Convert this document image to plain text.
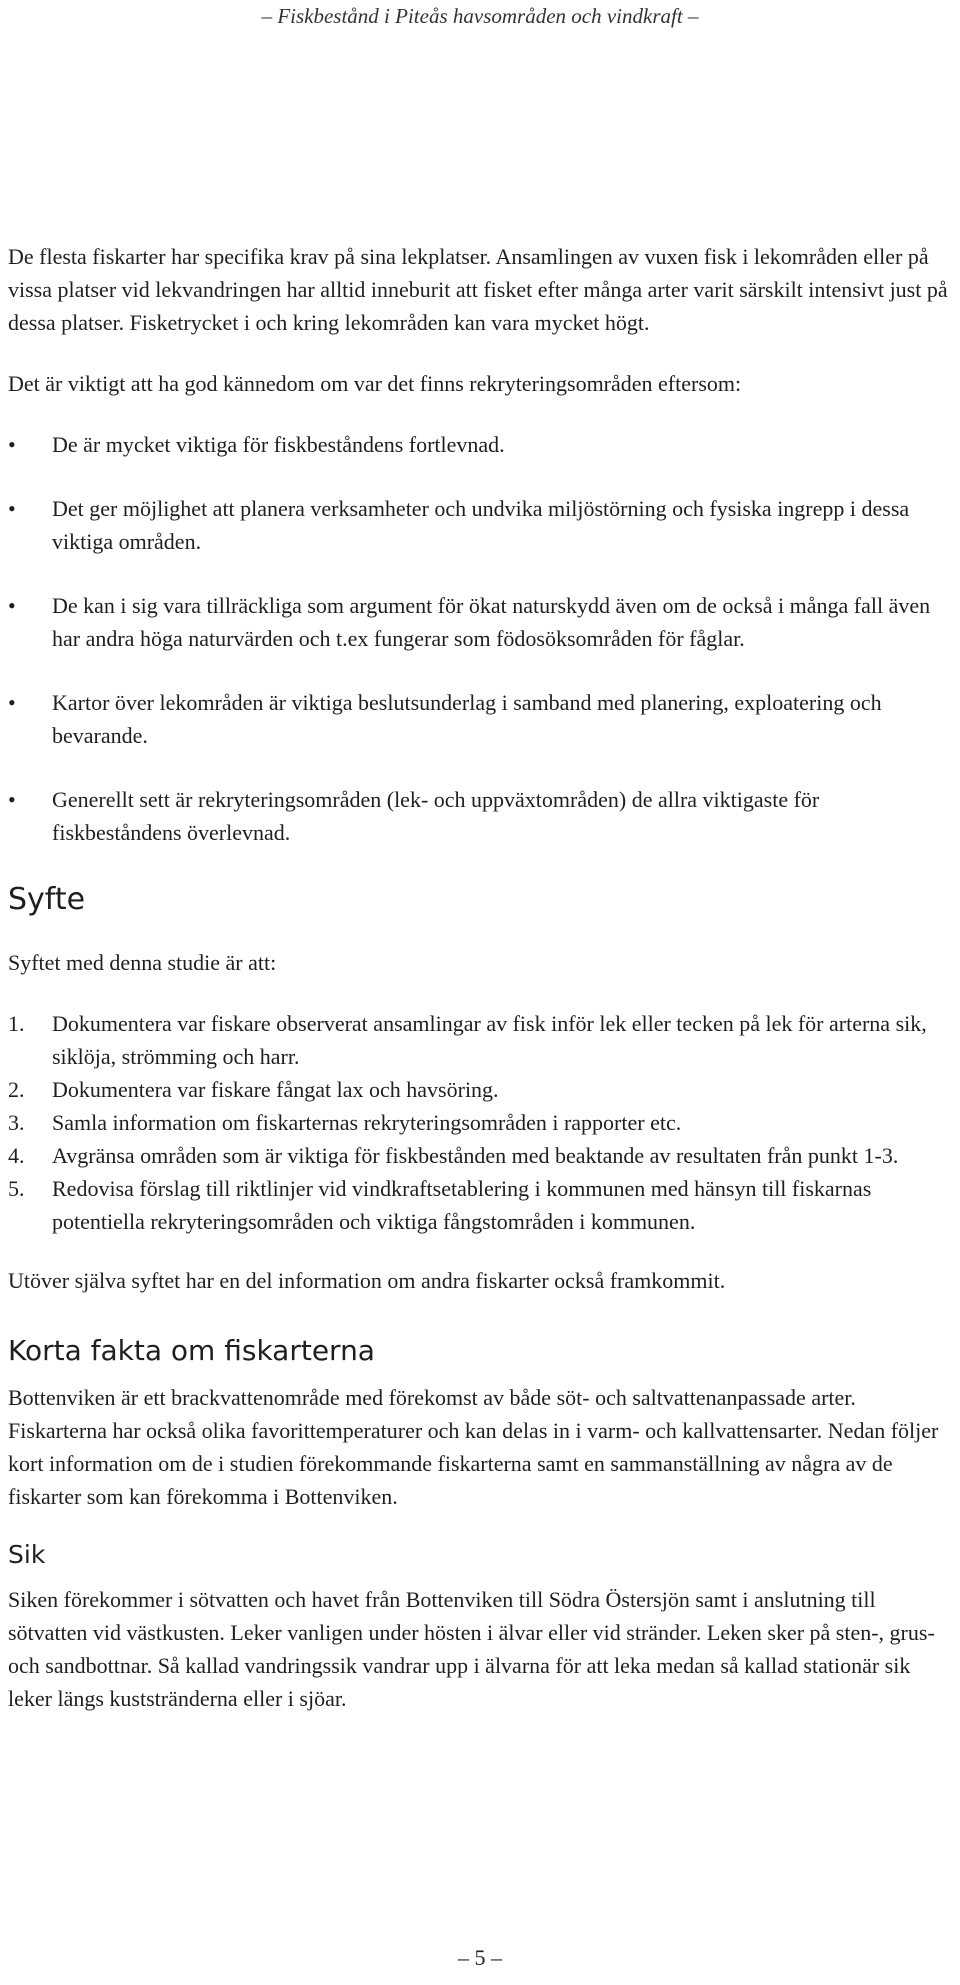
– Fiskbestånd i Piteås havsområden och vindkraft –

De flesta fiskarter har specifika krav på sina lekplatser. Ansamlingen av vuxen fisk i lekområden eller på vissa platser vid lekvandringen har alltid inneburit att fisket efter många arter varit särskilt intensivt just på dessa platser. Fisketrycket i och kring lekområden kan vara mycket högt.

Det är viktigt att ha god kännedom om var det finns rekryteringsområden eftersom:

• De är mycket viktiga för fiskbeståndens fortlevnad.
• Det ger möjlighet att planera verksamheter och undvika miljöstörning och fysiska ingrepp i dessa viktiga områden.
• De kan i sig vara tillräckliga som argument för ökat naturskydd även om de också i många fall även har andra höga naturvärden och t.ex fungerar som födosöksområden för fåglar.
• Kartor över lekområden är viktiga beslutsunderlag i samband med planering, exploatering och bevarande.
• Generellt sett är rekryteringsområden (lek- och uppväxtområden) de allra viktigaste för fiskbeståndens överlevnad.
Syfte

Syftet med denna studie är att:

1. Dokumentera var fiskare observerat ansamlingar av fisk inför lek eller tecken på lek för arterna sik, siklöja, strömming och harr.
2. Dokumentera var fiskare fångat lax och havsöring.
3. Samla information om fiskarternas rekryteringsområden i rapporter etc.
4. Avgränsa områden som är viktiga för fiskbestånden med beaktande av resultaten från punkt 1-3.
5. Redovisa förslag till riktlinjer vid vindkraftsetablering i kommunen med hänsyn till fiskarnas potentiella rekryteringsområden och viktiga fångstområden i kommunen.

Utöver själva syftet har en del information om andra fiskarter också framkommit.

Korta fakta om fiskarterna

Bottenviken är ett brackvattenområde med förekomst av både söt- och saltvattenanpassade arter. Fiskarterna har också olika favorittemperaturer och kan delas in i varm- och kallvattensarter. Nedan följer kort information om de i studien förekommande fiskarterna samt en sammanställning av några av de fiskarter som kan förekomma i Bottenviken.

Sik

Siken förekommer i sötvatten och havet från Bottenviken till Södra Östersjön samt i anslutning till sötvatten vid västkusten. Leker vanligen under hösten i älvar eller vid stränder. Leken sker på sten-, grus- och sandbottnar. Så kallad vandringssik vandrar upp i älvarna för att leka medan så kallad stationär sik leker längs kuststränderna eller i sjöar.

– 5 –
